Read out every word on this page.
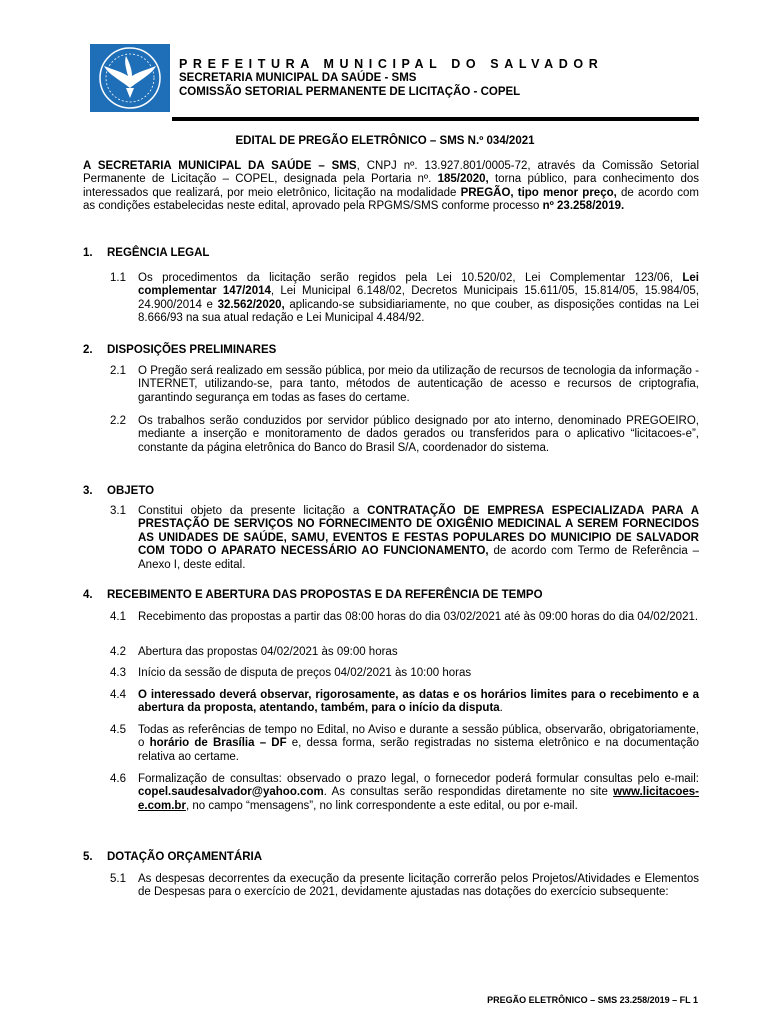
PREFEITURA MUNICIPAL DO SALVADOR
SECRETARIA MUNICIPAL DA SAÚDE - SMS
COMISSÃO SETORIAL PERMANENTE DE LICITAÇÃO - COPEL
EDITAL DE PREGÃO ELETRÔNICO – SMS N.º 034/2021
A SECRETARIA MUNICIPAL DA SAÚDE – SMS, CNPJ nº. 13.927.801/0005-72, através da Comissão Setorial Permanente de Licitação – COPEL, designada pela Portaria nº. 185/2020, torna público, para conhecimento dos interessados que realizará, por meio eletrônico, licitação na modalidade PREGÃO, tipo menor preço, de acordo com as condições estabelecidas neste edital, aprovado pela RPGMS/SMS conforme processo nº 23.258/2019.
1. REGÊNCIA LEGAL
2. DISPOSIÇÕES PRELIMINARES
3. OBJETO
4. RECEBIMENTO E ABERTURA DAS PROPOSTAS E DA REFERÊNCIA DE TEMPO
5. DOTAÇÃO ORÇAMENTÁRIA
1.1 Os procedimentos da licitação serão regidos pela Lei 10.520/02, Lei Complementar 123/06, Lei complementar 147/2014, Lei Municipal 6.148/02, Decretos Municipais 15.611/05, 15.814/05, 15.984/05, 24.900/2014 e 32.562/2020, aplicando-se subsidiariamente, no que couber, as disposições contidas na Lei 8.666/93 na sua atual redação e Lei Municipal 4.484/92.
2.1 O Pregão será realizado em sessão pública, por meio da utilização de recursos de tecnologia da informação - INTERNET, utilizando-se, para tanto, métodos de autenticação de acesso e recursos de criptografia, garantindo segurança em todas as fases do certame.
2.2 Os trabalhos serão conduzidos por servidor público designado por ato interno, denominado PREGOEIRO, mediante a inserção e monitoramento de dados gerados ou transferidos para o aplicativo “licitacoes-e”, constante da página eletrônica do Banco do Brasil S/A, coordenador do sistema.
3.1 Constitui objeto da presente licitação a CONTRATAÇÃO DE EMPRESA ESPECIALIZADA PARA A PRESTAÇÃO DE SERVIÇOS NO FORNECIMENTO DE OXIGÊNIO MEDICINAL A SEREM FORNECIDOS AS UNIDADES DE SAÚDE, SAMU, EVENTOS E FESTAS POPULARES DO MUNICIPIO DE SALVADOR COM TODO O APARATO NECESSÁRIO AO FUNCIONAMENTO, de acordo com Termo de Referência – Anexo I, deste edital.
4.1 Recebimento das propostas a partir das 08:00 horas do dia 03/02/2021 até às 09:00 horas do dia 04/02/2021.
4.2 Abertura das propostas 04/02/2021 às 09:00 horas
4.3 Início da sessão de disputa de preços 04/02/2021 às 10:00 horas
4.4 O interessado deverá observar, rigorosamente, as datas e os horários limites para o recebimento e a abertura da proposta, atentando, também, para o início da disputa.
4.5 Todas as referências de tempo no Edital, no Aviso e durante a sessão pública, observarão, obrigatoriamente, o horário de Brasília – DF e, dessa forma, serão registradas no sistema eletrônico e na documentação relativa ao certame.
4.6 Formalização de consultas: observado o prazo legal, o fornecedor poderá formular consultas pelo e-mail: copel.saudesalvador@yahoo.com. As consultas serão respondidas diretamente no site www.licitacoes-e.com.br, no campo “mensagens”, no link correspondente a este edital, ou por e-mail.
5.1 As despesas decorrentes da execução da presente licitação correrão pelos Projetos/Atividades e Elementos de Despesas para o exercício de 2021, devidamente ajustadas nas dotações do exercício subsequente:
PREGÃO ELETRÔNICO – SMS 23.258/2019 – FL 1
